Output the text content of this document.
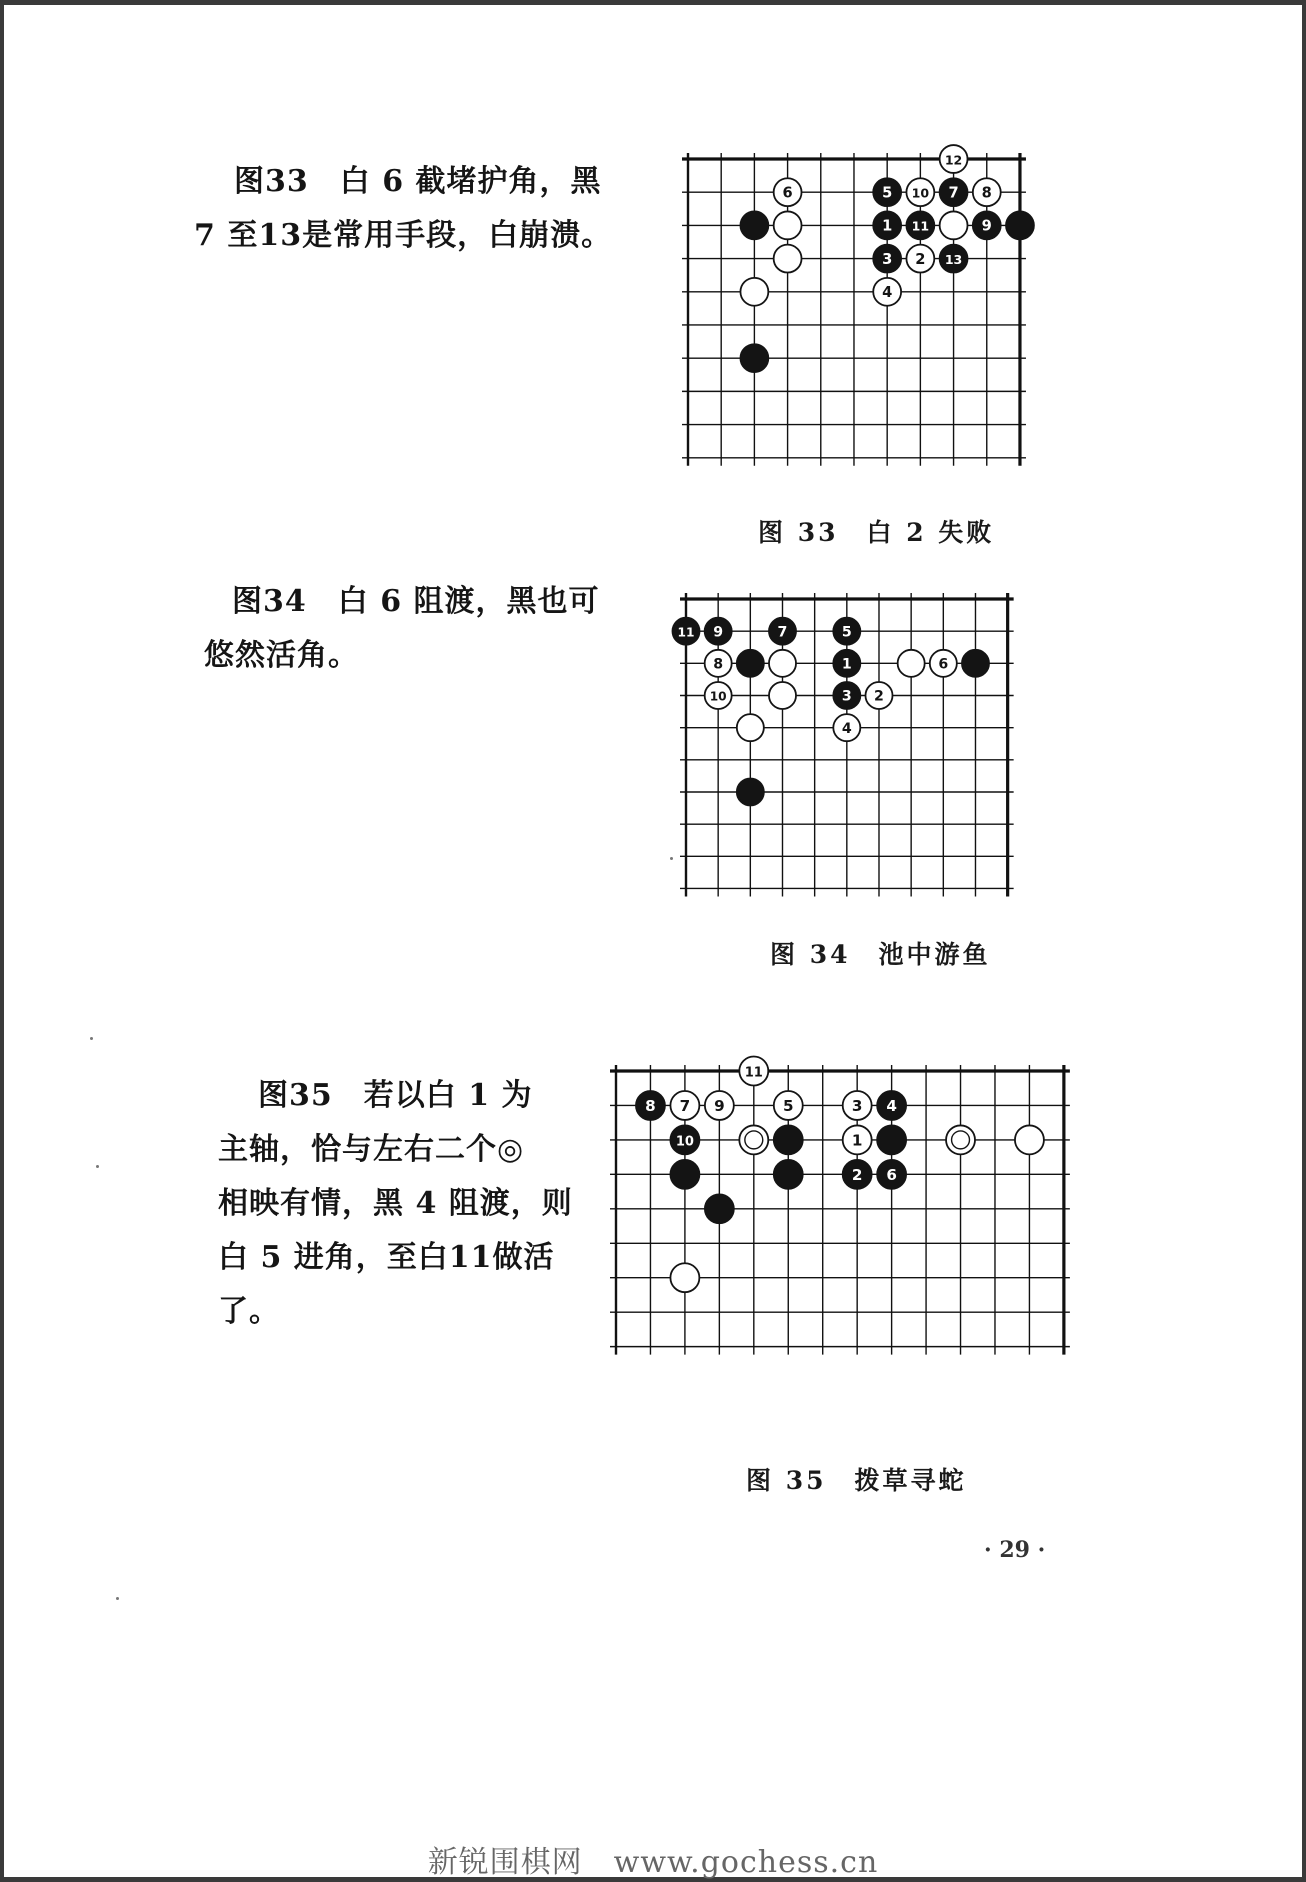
图33　白 6 截堵护角，黑
7 至13是常用手段，白崩溃。
6	5 10 7 8
12
1 11	9
3 2 13
4
图 33　白 2 失败
图34　白 6 阻渡，黑也可
悠然活角。
11 9	7	5
8	1	6
10	3 2
4
图 34　池中游鱼
图35　若以白 1 为
主轴，恰与左右二个◎
相映有情，黑 4 阻渡，则
白 5 进角，至白11做活
了。
11
8 7 9	5	3 4
10	1
2 6
图 35　拨草寻蛇
· 29 ·
新锐围棋网　www.gochess.cn
